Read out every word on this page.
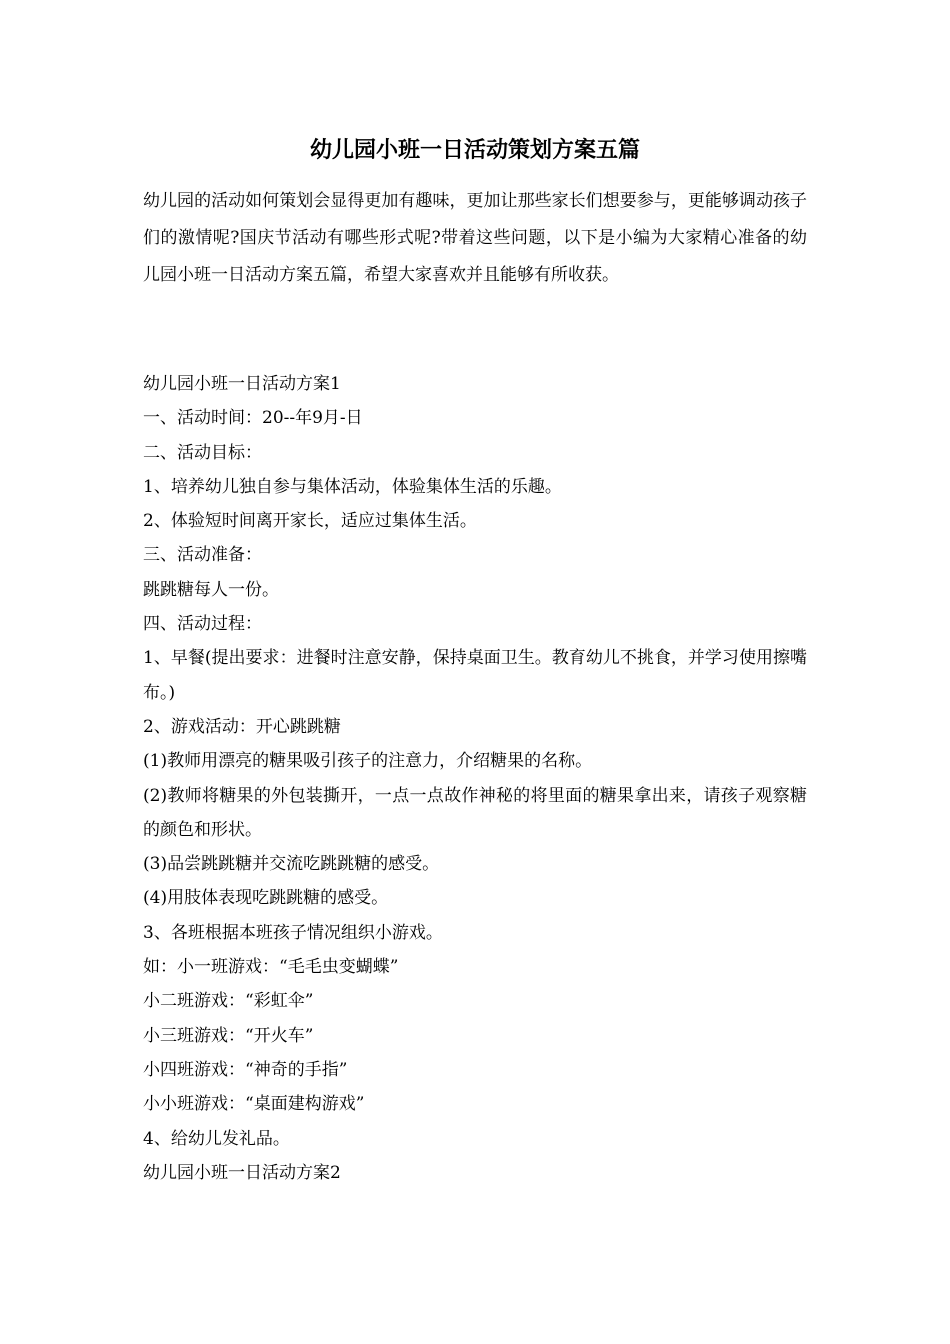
幼儿园小班一日活动策划方案五篇

幼儿园的活动如何策划会显得更加有趣味，更加让那些家长们想要参与，更能够调动孩子们的激情呢?国庆节活动有哪些形式呢?带着这些问题，以下是小编为大家精心准备的幼儿园小班一日活动方案五篇，希望大家喜欢并且能够有所收获。

幼儿园小班一日活动方案1

一、活动时间：20--年9月-日

二、活动目标：

1、培养幼儿独自参与集体活动，体验集体生活的乐趣。

2、体验短时间离开家长，适应过集体生活。

三、活动准备：

跳跳糖每人一份。

四、活动过程：

1、早餐(提出要求：进餐时注意安静，保持桌面卫生。教育幼儿不挑食，并学习使用擦嘴布。)

2、游戏活动：开心跳跳糖

(1)教师用漂亮的糖果吸引孩子的注意力，介绍糖果的名称。

(2)教师将糖果的外包装撕开，一点一点故作神秘的将里面的糖果拿出来，请孩子观察糖的颜色和形状。

(3)品尝跳跳糖并交流吃跳跳糖的感受。

(4)用肢体表现吃跳跳糖的感受。

3、各班根据本班孩子情况组织小游戏。

如：小一班游戏：“毛毛虫变蝴蝶”

小二班游戏：“彩虹伞”

小三班游戏：“开火车”

小四班游戏：“神奇的手指”

小小班游戏：“桌面建构游戏”

4、给幼儿发礼品。

幼儿园小班一日活动方案2
